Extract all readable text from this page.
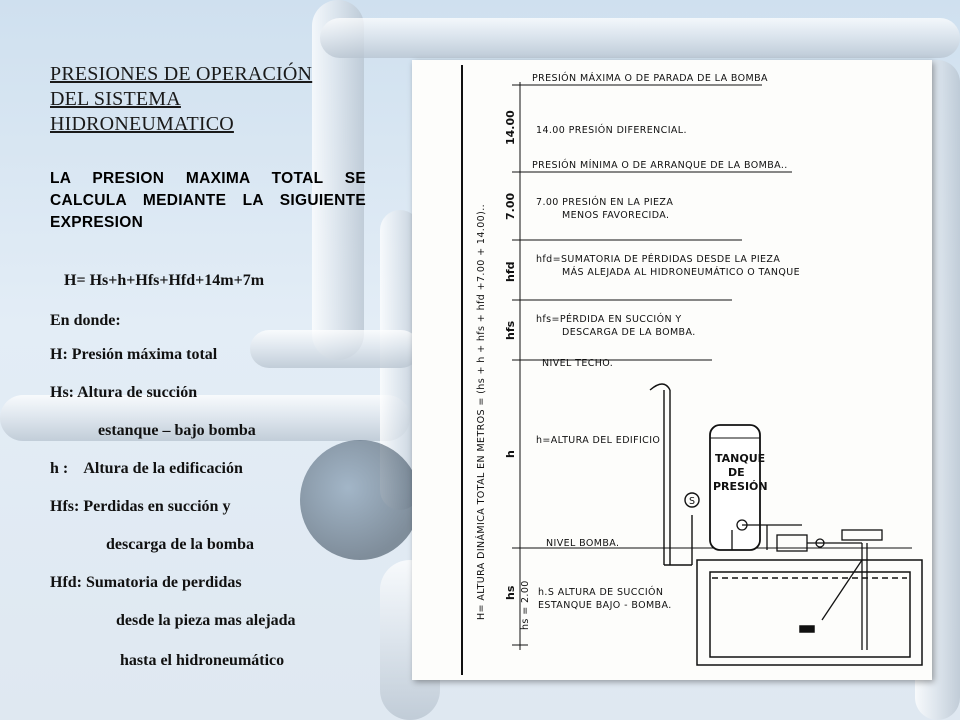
PRESIONES DE OPERACIÓN
DEL SISTEMA
HIDRONEUMATICO
LA PRESION MAXIMA TOTAL SE CALCULA MEDIANTE LA SIGUIENTE EXPRESION
H= Hs+h+Hfs+Hfd+14m+7m
En donde:
H: Presión máxima total
Hs: Altura de succión
estanque – bajo bomba
h :    Altura de la edificación
Hfs: Perdidas en succión y
descarga de la bomba
Hfd: Sumatoria de perdidas
desde la pieza mas alejada
hasta el hidroneumático
H= ALTURA DINÁMICA TOTAL EN METROS = (hs + h + hfs + hfd +7.00 + 14.00)..
14.00
7.00
hfd
hfs
h
hs hs = 2.00
PRESIÓN MÁXIMA O DE PARADA DE LA BOMBA
14.00 PRESIÓN DIFERENCIAL.
PRESIÓN MÍNIMA O DE ARRANQUE DE LA BOMBA..
7.00 PRESIÓN EN LA PIEZA
MENOS FAVORECIDA.
hfd=SUMATORIA DE PÉRDIDAS DESDE LA PIEZA
MÁS ALEJADA AL HIDRONEUMÁTICO O TANQUE
hfs=PÉRDIDA EN SUCCIÓN Y
DESCARGA DE LA BOMBA.
NIVEL TECHO.
h=ALTURA DEL EDIFICIO
NIVEL BOMBA.
h.S ALTURA DE SUCCIÓN
ESTANQUE BAJO - BOMBA.
TANQUE
DE
PRESIÓN
S
